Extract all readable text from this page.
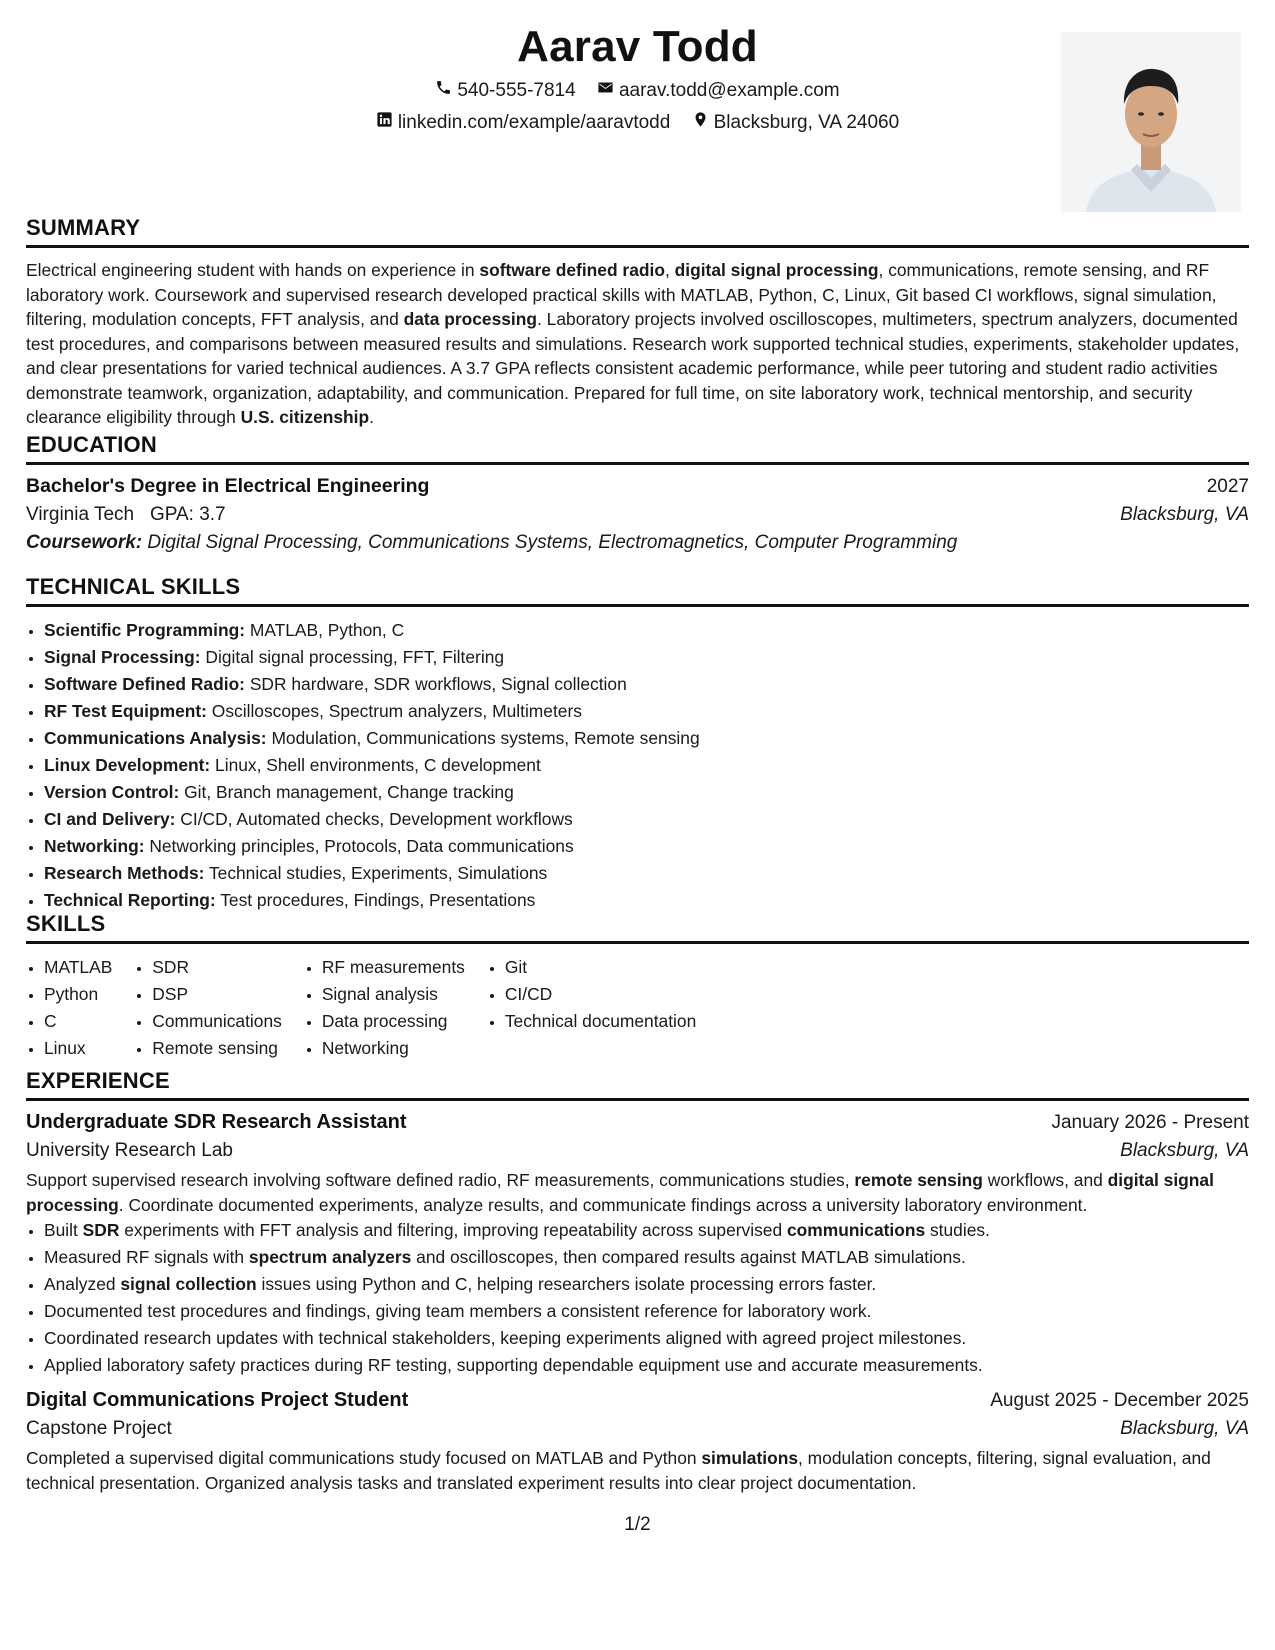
Aarav Todd
540-555-7814
aarav.todd@example.com
linkedin.com/example/aaravtodd
Blacksburg, VA 24060
SUMMARY

Electrical engineering student with hands on experience in software defined radio, digital signal processing, communications, remote sensing, and RF laboratory work. Coursework and supervised research developed practical skills with MATLAB, Python, C, Linux, Git based CI workflows, signal simulation, filtering, modulation concepts, FFT analysis, and data processing. Laboratory projects involved oscilloscopes, multimeters, spectrum analyzers, documented test procedures, and comparisons between measured results and simulations. Research work supported technical studies, experiments, stakeholder updates, and clear presentations for varied technical audiences. A 3.7 GPA reflects consistent academic performance, while peer tutoring and student radio activities demonstrate teamwork, organization, adaptability, and communication. Prepared for full time, on site laboratory work, technical mentorship, and security clearance eligibility through U.S. citizenship.

EDUCATION
Bachelor's Degree in Electrical Engineering	2027
Virginia Tech GPA: 3.7	Blacksburg, VA
Coursework: Digital Signal Processing, Communications Systems, Electromagnetics, Computer Programming
TECHNICAL SKILLS
• Scientific Programming: MATLAB, Python, C
• Signal Processing: Digital signal processing, FFT, Filtering
• Software Defined Radio: SDR hardware, SDR workflows, Signal collection
• RF Test Equipment: Oscilloscopes, Spectrum analyzers, Multimeters
• Communications Analysis: Modulation, Communications systems, Remote sensing
• Linux Development: Linux, Shell environments, C development
• Version Control: Git, Branch management, Change tracking
• CI and Delivery: CI/CD, Automated checks, Development workflows
• Networking: Networking principles, Protocols, Data communications
• Research Methods: Technical studies, Experiments, Simulations
• Technical Reporting: Test procedures, Findings, Presentations
SKILLS
• MATLAB
• Python
• C
• Linux
• SDR
• DSP
• Communications
• Remote sensing
• RF measurements
• Signal analysis
• Data processing
• Networking
• Git
• CI/CD
• Technical documentation
EXPERIENCE
Undergraduate SDR Research Assistant	January 2026 - Present
University Research Lab	Blacksburg, VA

Support supervised research involving software defined radio, RF measurements, communications studies, remote sensing workflows, and digital signal processing. Coordinate documented experiments, analyze results, and communicate findings across a university laboratory environment.

• Built SDR experiments with FFT analysis and filtering, improving repeatability across supervised communications studies.
• Measured RF signals with spectrum analyzers and oscilloscopes, then compared results against MATLAB simulations.
• Analyzed signal collection issues using Python and C, helping researchers isolate processing errors faster.
• Documented test procedures and findings, giving team members a consistent reference for laboratory work.
• Coordinated research updates with technical stakeholders, keeping experiments aligned with agreed project milestones.
• Applied laboratory safety practices during RF testing, supporting dependable equipment use and accurate measurements.
Digital Communications Project Student	August 2025 - December 2025
Capstone Project	Blacksburg, VA

Completed a supervised digital communications study focused on MATLAB and Python simulations, modulation concepts, filtering, signal evaluation, and technical presentation. Organized analysis tasks and translated experiment results into clear project documentation.

1/2
